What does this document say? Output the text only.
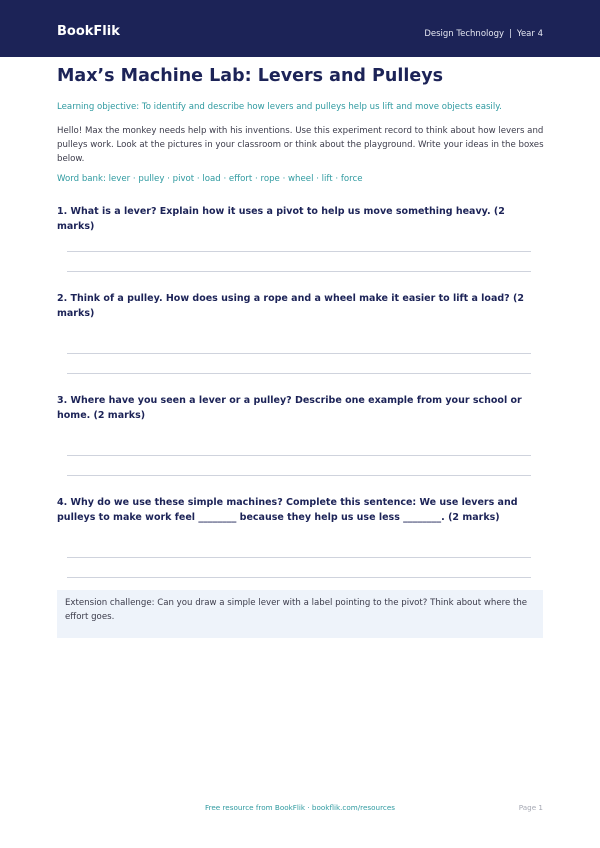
BookFlik	Design Technology | Year 4
Max’s Machine Lab: Levers and Pulleys
Learning objective: To identify and describe how levers and pulleys help us lift and move objects easily.
Hello! Max the monkey needs help with his inventions. Use this experiment record to think about how levers and pulleys work. Look at the pictures in your classroom or think about the playground. Write your ideas in the boxes below.
Word bank: lever · pulley · pivot · load · effort · rope · wheel · lift · force
1. What is a lever? Explain how it uses a pivot to help us move something heavy. (2 marks)
2. Think of a pulley. How does using a rope and a wheel make it easier to lift a load? (2 marks)
3. Where have you seen a lever or a pulley? Describe one example from your school or home. (2 marks)
4. Why do we use these simple machines? Complete this sentence: We use levers and pulleys to make work feel ________ because they help us use less ________. (2 marks)
Extension challenge: Can you draw a simple lever with a label pointing to the pivot? Think about where the effort goes.
Free resource from BookFlik · bookflik.com/resources	Page 1
